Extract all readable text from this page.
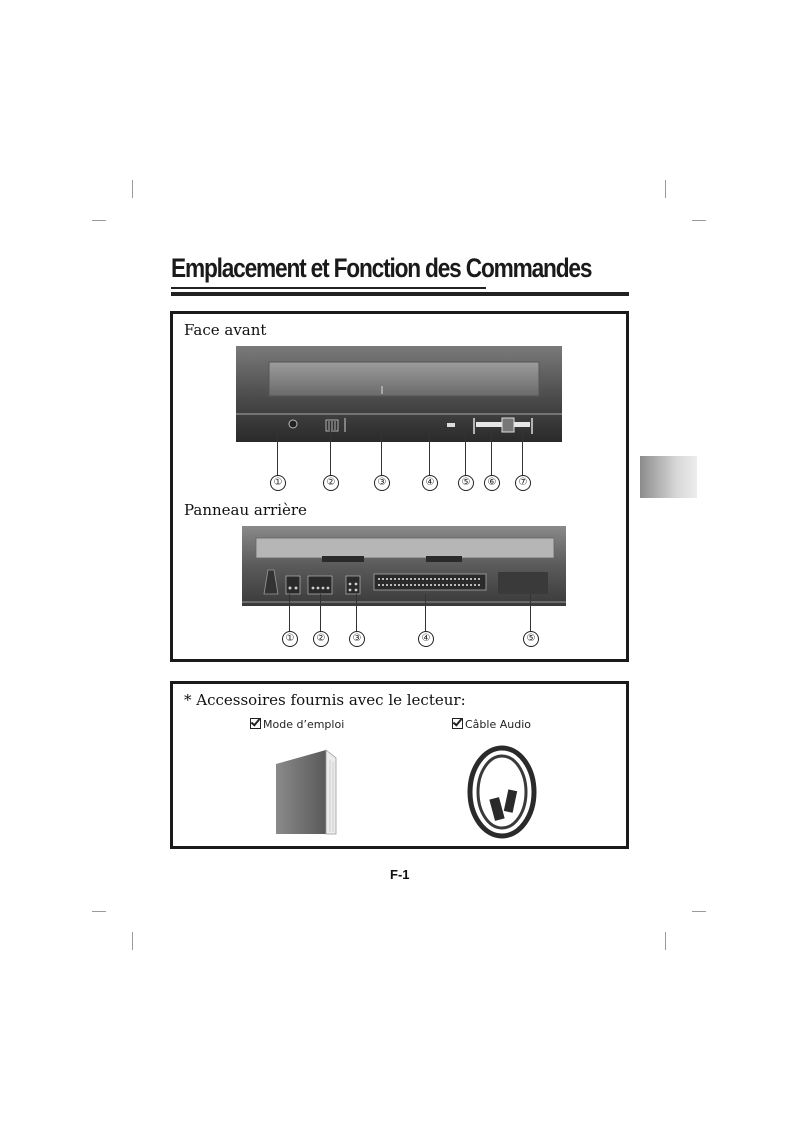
Emplacement et Fonction des Commandes
Face avant
①	②	③	④	⑤	⑥	⑦
Panneau arrière
①	②	③	④	⑤
* Accessoires fournis avec le lecteur:
Mode d’emploi	Câble Audio
F-1
